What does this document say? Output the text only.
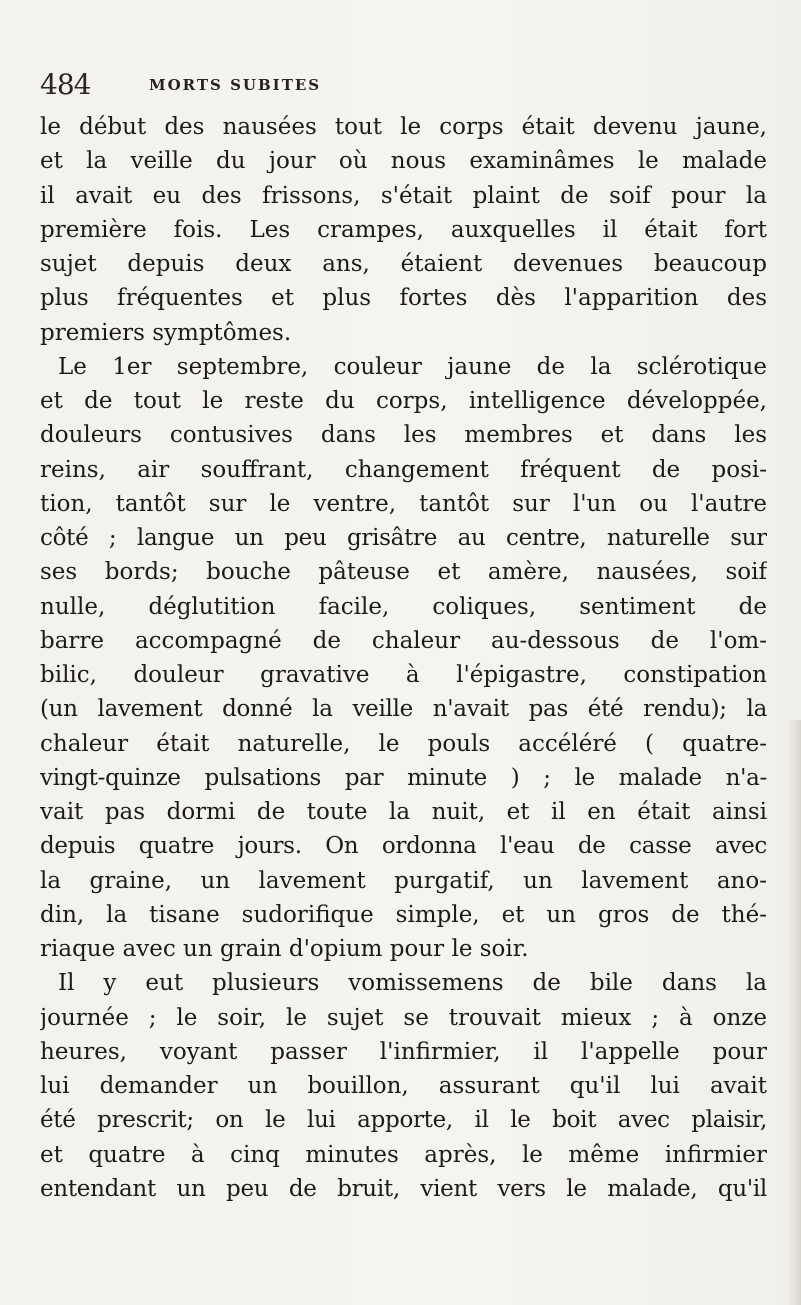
484	MORTS SUBITES
le début des nausées tout le corps était devenu jaune,
et la veille du jour où nous examinâmes le malade
il avait eu des frissons, s'était plaint de soif pour la
première fois. Les crampes, auxquelles il était fort
sujet depuis deux ans, étaient devenues beaucoup
plus fréquentes et plus fortes dès l'apparition des
premiers symptômes.
Le 1er septembre, couleur jaune de la sclérotique
et de tout le reste du corps, intelligence développée,
douleurs contusives dans les membres et dans les
reins, air souffrant, changement fréquent de posi-
tion, tantôt sur le ventre, tantôt sur l'un ou l'autre
côté ; langue un peu grisâtre au centre, naturelle sur
ses bords; bouche pâteuse et amère, nausées, soif
nulle, déglutition facile, coliques, sentiment de
barre accompagné de chaleur au-dessous de l'om-
bilic, douleur gravative à l'épigastre, constipation
(un lavement donné la veille n'avait pas été rendu); la
chaleur était naturelle, le pouls accéléré ( quatre-
vingt-quinze pulsations par minute ) ; le malade n'a-
vait pas dormi de toute la nuit, et il en était ainsi
depuis quatre jours. On ordonna l'eau de casse avec
la graine, un lavement purgatif, un lavement ano-
din, la tisane sudorifique simple, et un gros de thé-
riaque avec un grain d'opium pour le soir.
Il y eut plusieurs vomissemens de bile dans la
journée ; le soir, le sujet se trouvait mieux ; à onze
heures, voyant passer l'infirmier, il l'appelle pour
lui demander un bouillon, assurant qu'il lui avait
été prescrit; on le lui apporte, il le boit avec plaisir,
et quatre à cinq minutes après, le même infirmier
entendant un peu de bruit, vient vers le malade, qu'il
